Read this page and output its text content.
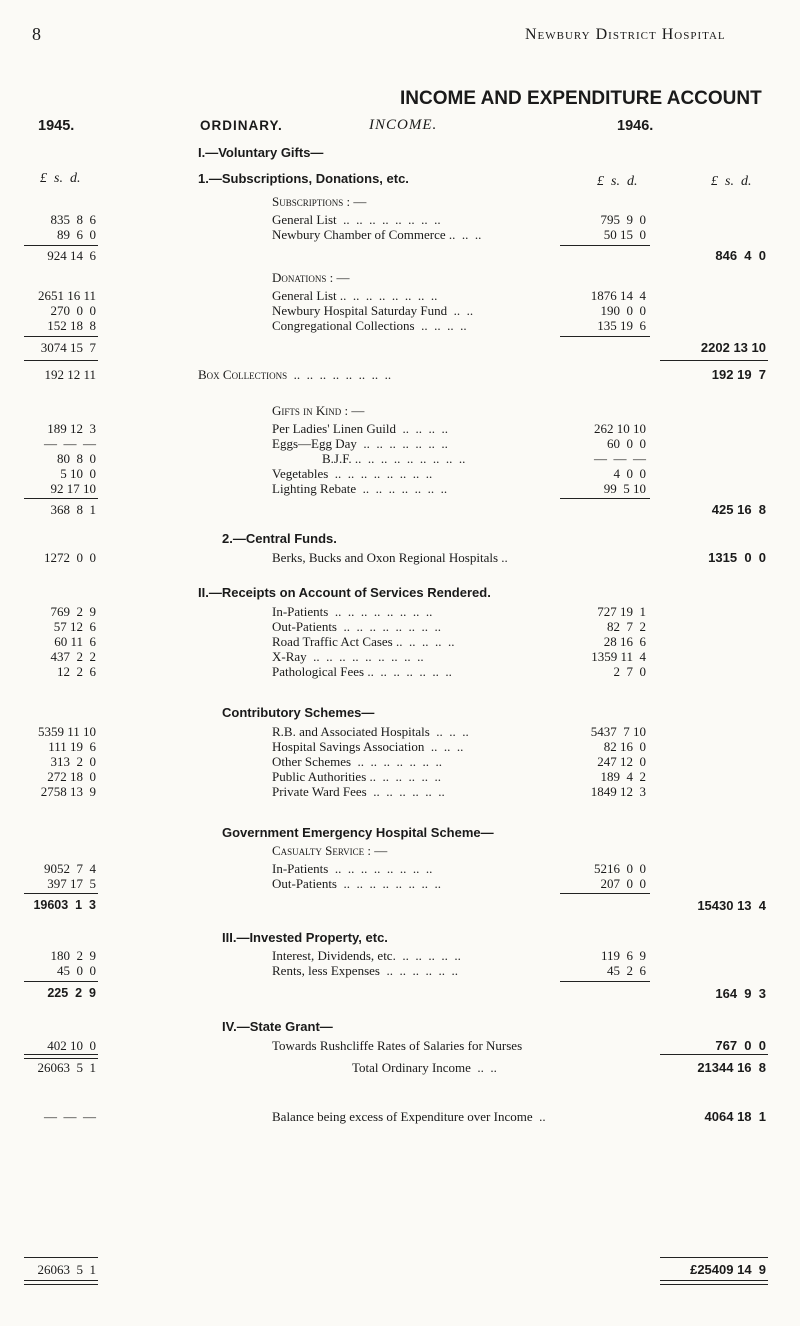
8	Newbury District Hospital
INCOME AND EXPENDITURE ACCOUNT
1945.	ORDINARY.	INCOME.	1946.
I.—Voluntary Gifts—
£  s.  d.	1.—Subscriptions, Donations, etc.	£  s.  d.	£  s.  d.
Subscriptions : —
835  8  6	General List  ..  ..  ..  ..  ..  ..  ..  ..	795  9  0
89  6  0	Newbury Chamber of Commerce ..  ..  ..	50 15  0
924 14  6	846  4  0
Donations : —
2651 16 11	General List ..  ..  ..  ..  ..  ..  ..  ..	1876 14  4
270  0  0	Newbury Hospital Saturday Fund  ..  ..	190  0  0
152 18  8	Congregational Collections  ..  ..  ..  ..	135 19  6
3074 15  7	2202 13 10
192 12 11	Box Collections  ..  ..  ..  ..  ..  ..  ..  ..	192 19  7
Gifts in Kind : —
189 12  3	Per Ladies' Linen Guild  ..  ..  ..  ..	262 10 10
—  —  —	Eggs—Egg Day  ..  ..  ..  ..  ..  ..  ..	60  0  0
80  8  0	B.J.F. ..  ..  ..  ..  ..  ..  ..  ..  ..	—  —  —
5 10  0	Vegetables  ..  ..  ..  ..  ..  ..  ..  ..	4  0  0
92 17 10	Lighting Rebate  ..  ..  ..  ..  ..  ..  ..	99  5 10
368  8  1	425 16  8
2.—Central Funds.
1272  0  0	Berks, Bucks and Oxon Regional Hospitals ..	1315  0  0
II.—Receipts on Account of Services Rendered.
769  2  9	In-Patients  ..  ..  ..  ..  ..  ..  ..  ..	727 19  1
57 12  6	Out-Patients  ..  ..  ..  ..  ..  ..  ..  ..	82  7  2
60 11  6	Road Traffic Act Cases ..  ..  ..  ..  ..	28 16  6
437  2  2	X-Ray  ..  ..  ..  ..  ..  ..  ..  ..  ..	1359 11  4
12  2  6	Pathological Fees ..  ..  ..  ..  ..  ..  ..	2  7  0
Contributory Schemes—
5359 11 10	R.B. and Associated Hospitals  ..  ..  ..	5437  7 10
111 19  6	Hospital Savings Association  ..  ..  ..	82 16  0
313  2  0	Other Schemes  ..  ..  ..  ..  ..  ..  ..	247 12  0
272 18  0	Public Authorities ..  ..  ..  ..  ..  ..	189  4  2
2758 13  9	Private Ward Fees  ..  ..  ..  ..  ..  ..	1849 12  3
Government Emergency Hospital Scheme—
Casualty Service : —
9052  7  4	In-Patients  ..  ..  ..  ..  ..  ..  ..  ..	5216  0  0
397 17  5	Out-Patients  ..  ..  ..  ..  ..  ..  ..  ..	207  0  0
19603  1  3	15430 13  4
III.—Invested Property, etc.
180  2  9	Interest, Dividends, etc.  ..  ..  ..  ..  ..	119  6  9
45  0  0	Rents, less Expenses  ..  ..  ..  ..  ..  ..	45  2  6
225  2  9	164  9  3
IV.—State Grant—
402 10  0	Towards Rushcliffe Rates of Salaries for Nurses	767  0  0
26063  5  1	Total Ordinary Income  ..  ..	21344 16  8
—  —  —	Balance being excess of Expenditure over Income  ..	4064 18  1
26063  5  1	£25409 14  9
